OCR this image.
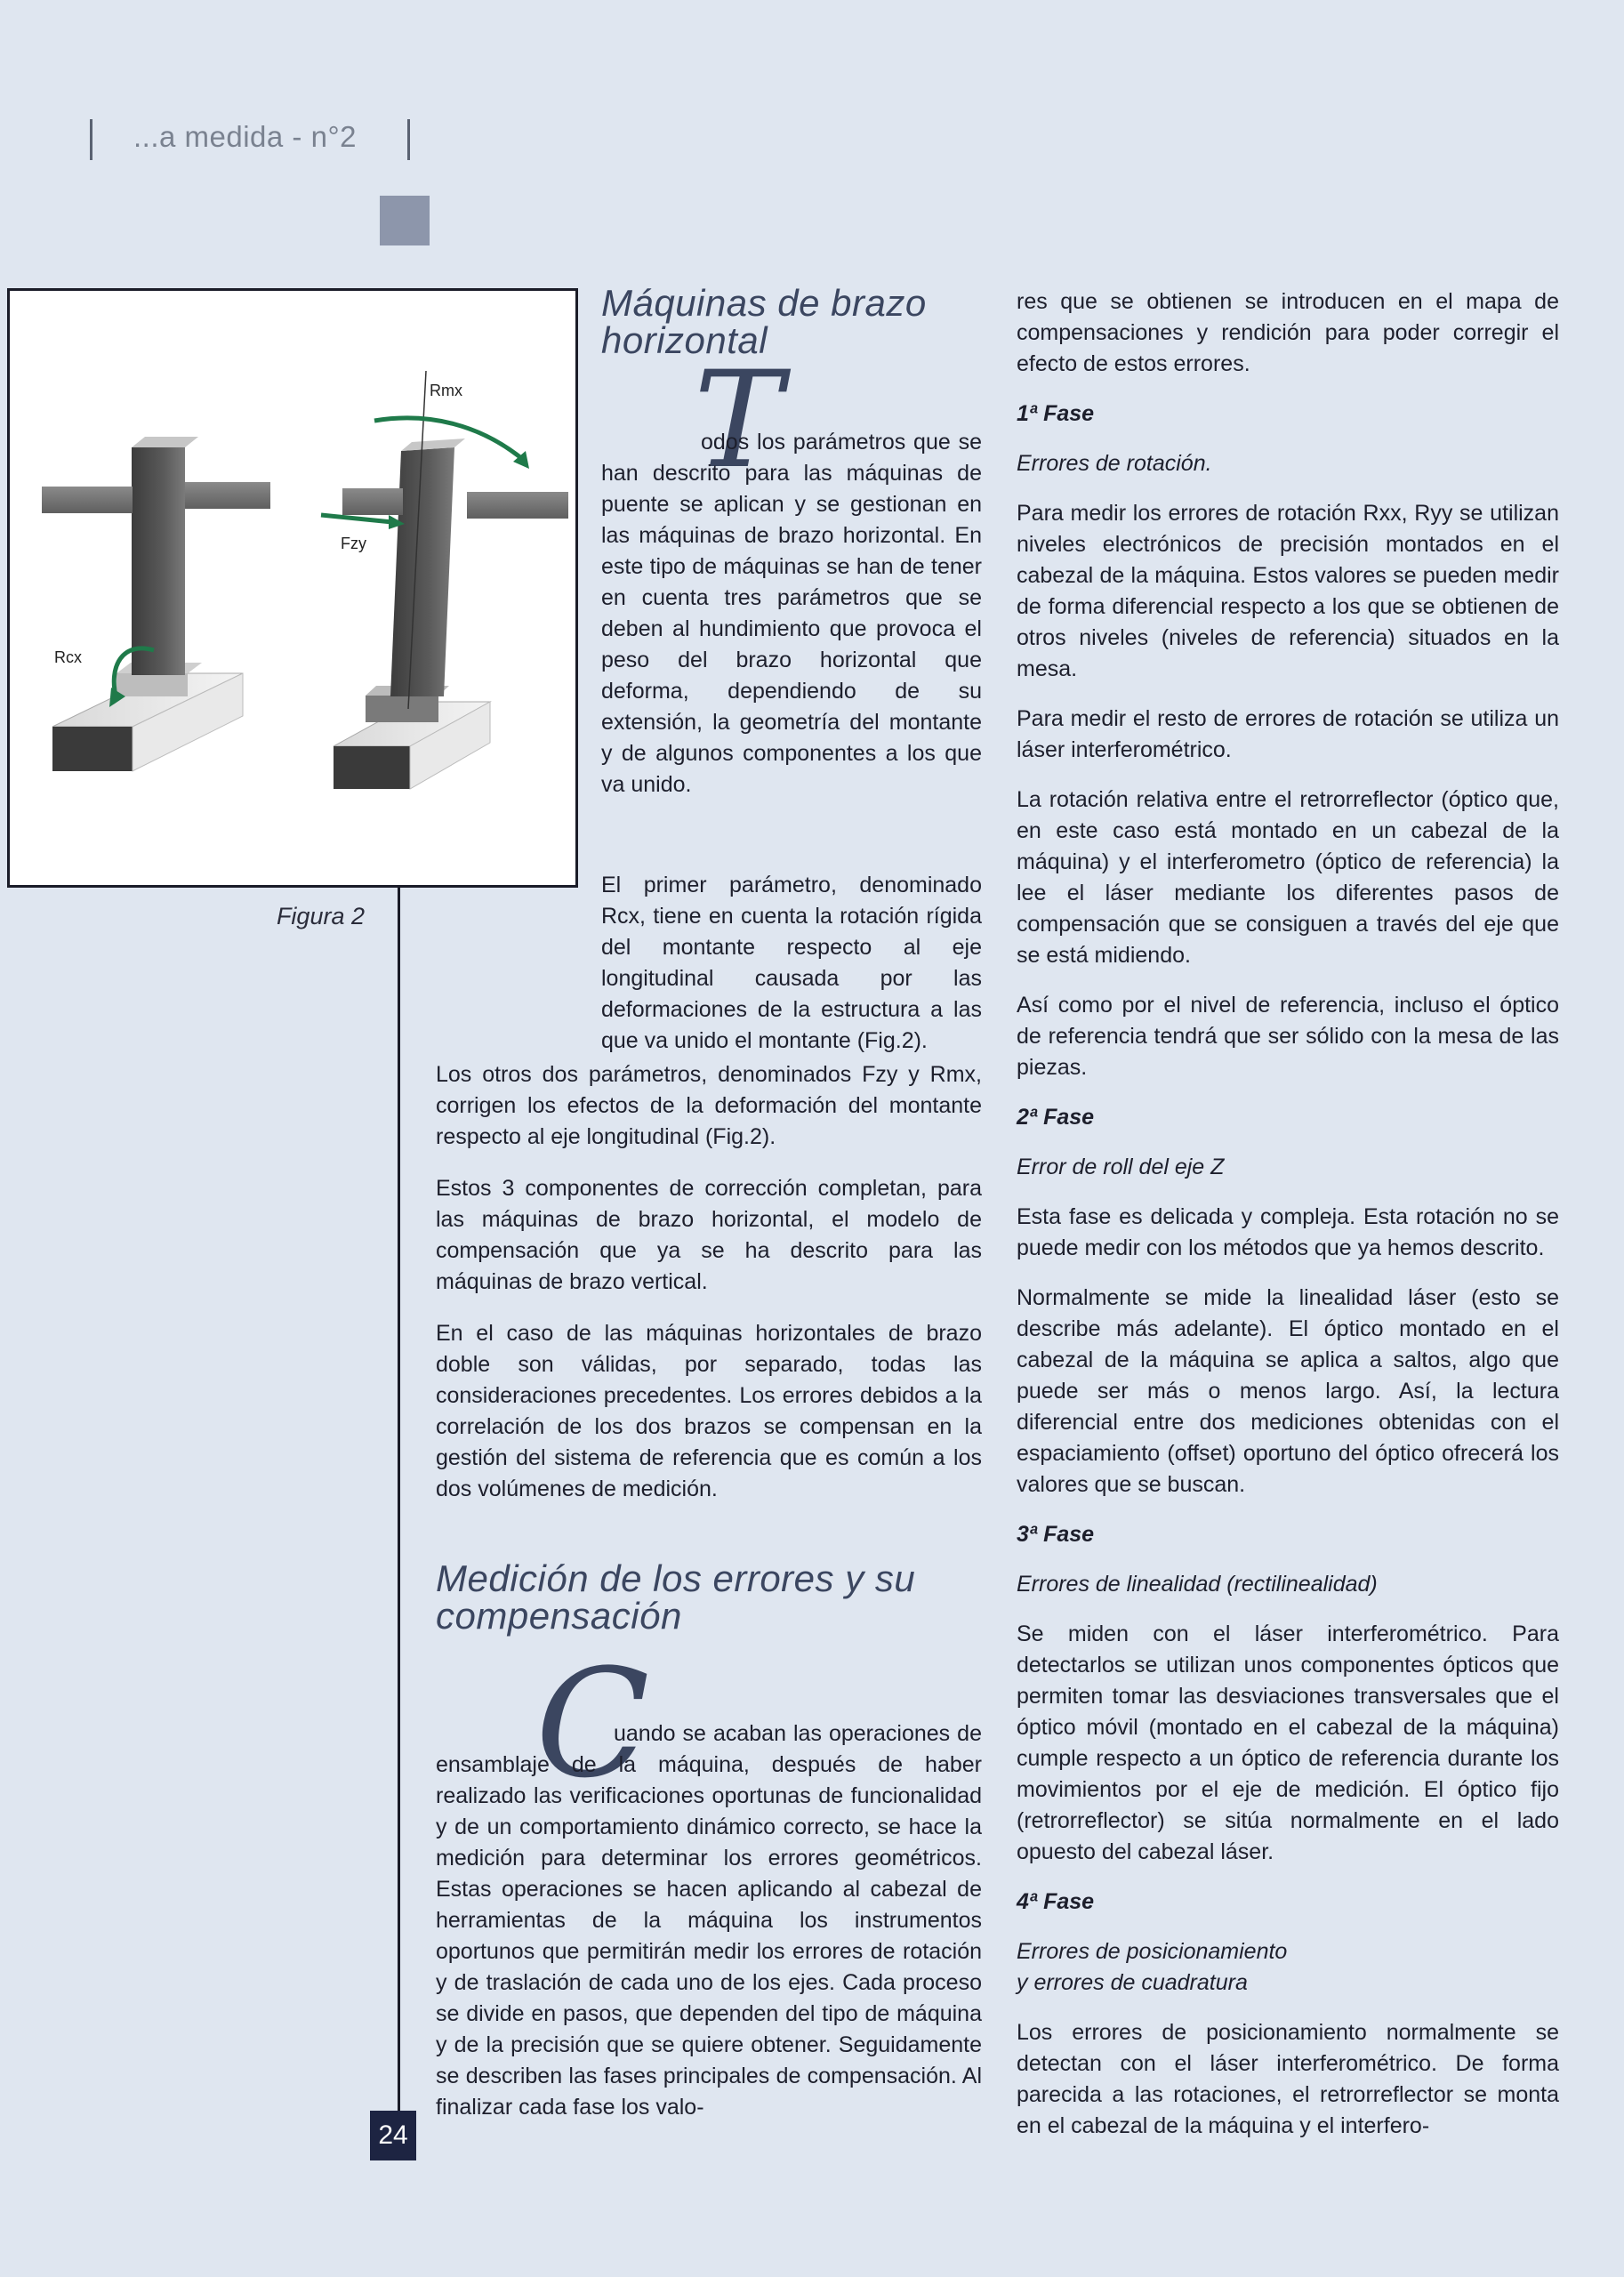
...a medida - n°2
Rmx
Fzy
Rcx
Figura 2
24
Máquinas de brazo horizontal
T
odos los parámetros que se han descrito para las máquinas de puente se aplican y se gestionan en las máquinas de brazo horizontal. En este tipo de máquinas se han de tener en cuenta tres parámetros que se deben al hundimiento que provoca el peso del brazo horizontal que deforma, dependiendo de su extensión, la geometría del montante y de algunos componentes a los que va unido.
El primer parámetro, denominado Rcx, tiene en cuenta la rotación rígida del montante respecto al eje longitudinal causada por las deformaciones de la estructura a las que va unido el montante (Fig.2).

Los otros dos parámetros, denominados Fzy y Rmx, corrigen los efectos de la deformación del montante respecto al eje longitudinal (Fig.2).

Estos 3 componentes de corrección completan, para las máquinas de brazo horizontal, el modelo de compensación que ya se ha descrito para las máquinas de brazo vertical.

En el caso de las máquinas horizontales de brazo doble son válidas, por separado, todas las consideraciones precedentes. Los errores debidos a la correlación de los dos brazos se compensan en la gestión del sistema de referencia que es común a los dos volúmenes de medición.

Medición de los errores y su compensación
C
uando se acaban las operaciones de ensamblaje de la máquina, después de haber realizado las verificaciones oportunas de funcionalidad y de un comportamiento dinámico correcto, se hace la medición para determinar los errores geométricos. Estas operaciones se hacen aplicando al cabezal de herramientas de la máquina los instrumentos oportunos que permitirán medir los errores de rotación y de traslación de cada uno de los ejes. Cada proceso se divide en pasos, que dependen del tipo de máquina y de la precisión que se quiere obtener. Seguidamente se describen las fases principales de compensación. Al finalizar cada fase los valo-

res que se obtienen se introducen en el mapa de compensaciones y rendición para poder corregir el efecto de estos errores.

1ª Fase
Errores de rotación.

Para medir los errores de rotación Rxx, Ryy se utilizan niveles electrónicos de precisión montados en el cabezal de la máquina. Estos valores se pueden medir de forma diferencial respecto a los que se obtienen de otros niveles (niveles de referencia) situados en la mesa.

Para medir el resto de errores de rotación se utiliza un láser interferométrico.

La rotación relativa entre el retrorreflector (óptico que, en este caso está montado en un cabezal de la máquina) y el interferometro (óptico de referencia) la lee el láser mediante los diferentes pasos de compensación que se consiguen a través del eje que se está midiendo.

Así como por el nivel de referencia, incluso el óptico de referencia tendrá que ser sólido con la mesa de las piezas.

2ª Fase
Error de roll del eje Z

Esta fase es delicada y compleja. Esta rotación no se puede medir con los métodos que ya hemos descrito.

Normalmente se mide la linealidad láser (esto se describe más adelante). El óptico montado en el cabezal de la máquina se aplica a saltos, algo que puede ser más o menos largo. Así, la lectura diferencial entre dos mediciones obtenidas con el espaciamiento (offset) oportuno del óptico ofrecerá los valores que se buscan.

3ª Fase
Errores de linealidad (rectilinealidad)

Se miden con el láser interferométrico. Para detectarlos se utilizan unos componentes ópticos que permiten tomar las desviaciones transversales que el óptico móvil (montado en el cabezal de la máquina) cumple respecto a un óptico de referencia durante los movimientos por el eje de medición. El óptico fijo (retrorreflector) se sitúa normalmente en el lado opuesto del cabezal láser.

4ª Fase
Errores de posicionamiento
y errores de cuadratura

Los errores de posicionamiento normalmente se detectan con el láser interferométrico. De forma parecida a las rotaciones, el retrorreflector se monta en el cabezal de la máquina y el interfero-
